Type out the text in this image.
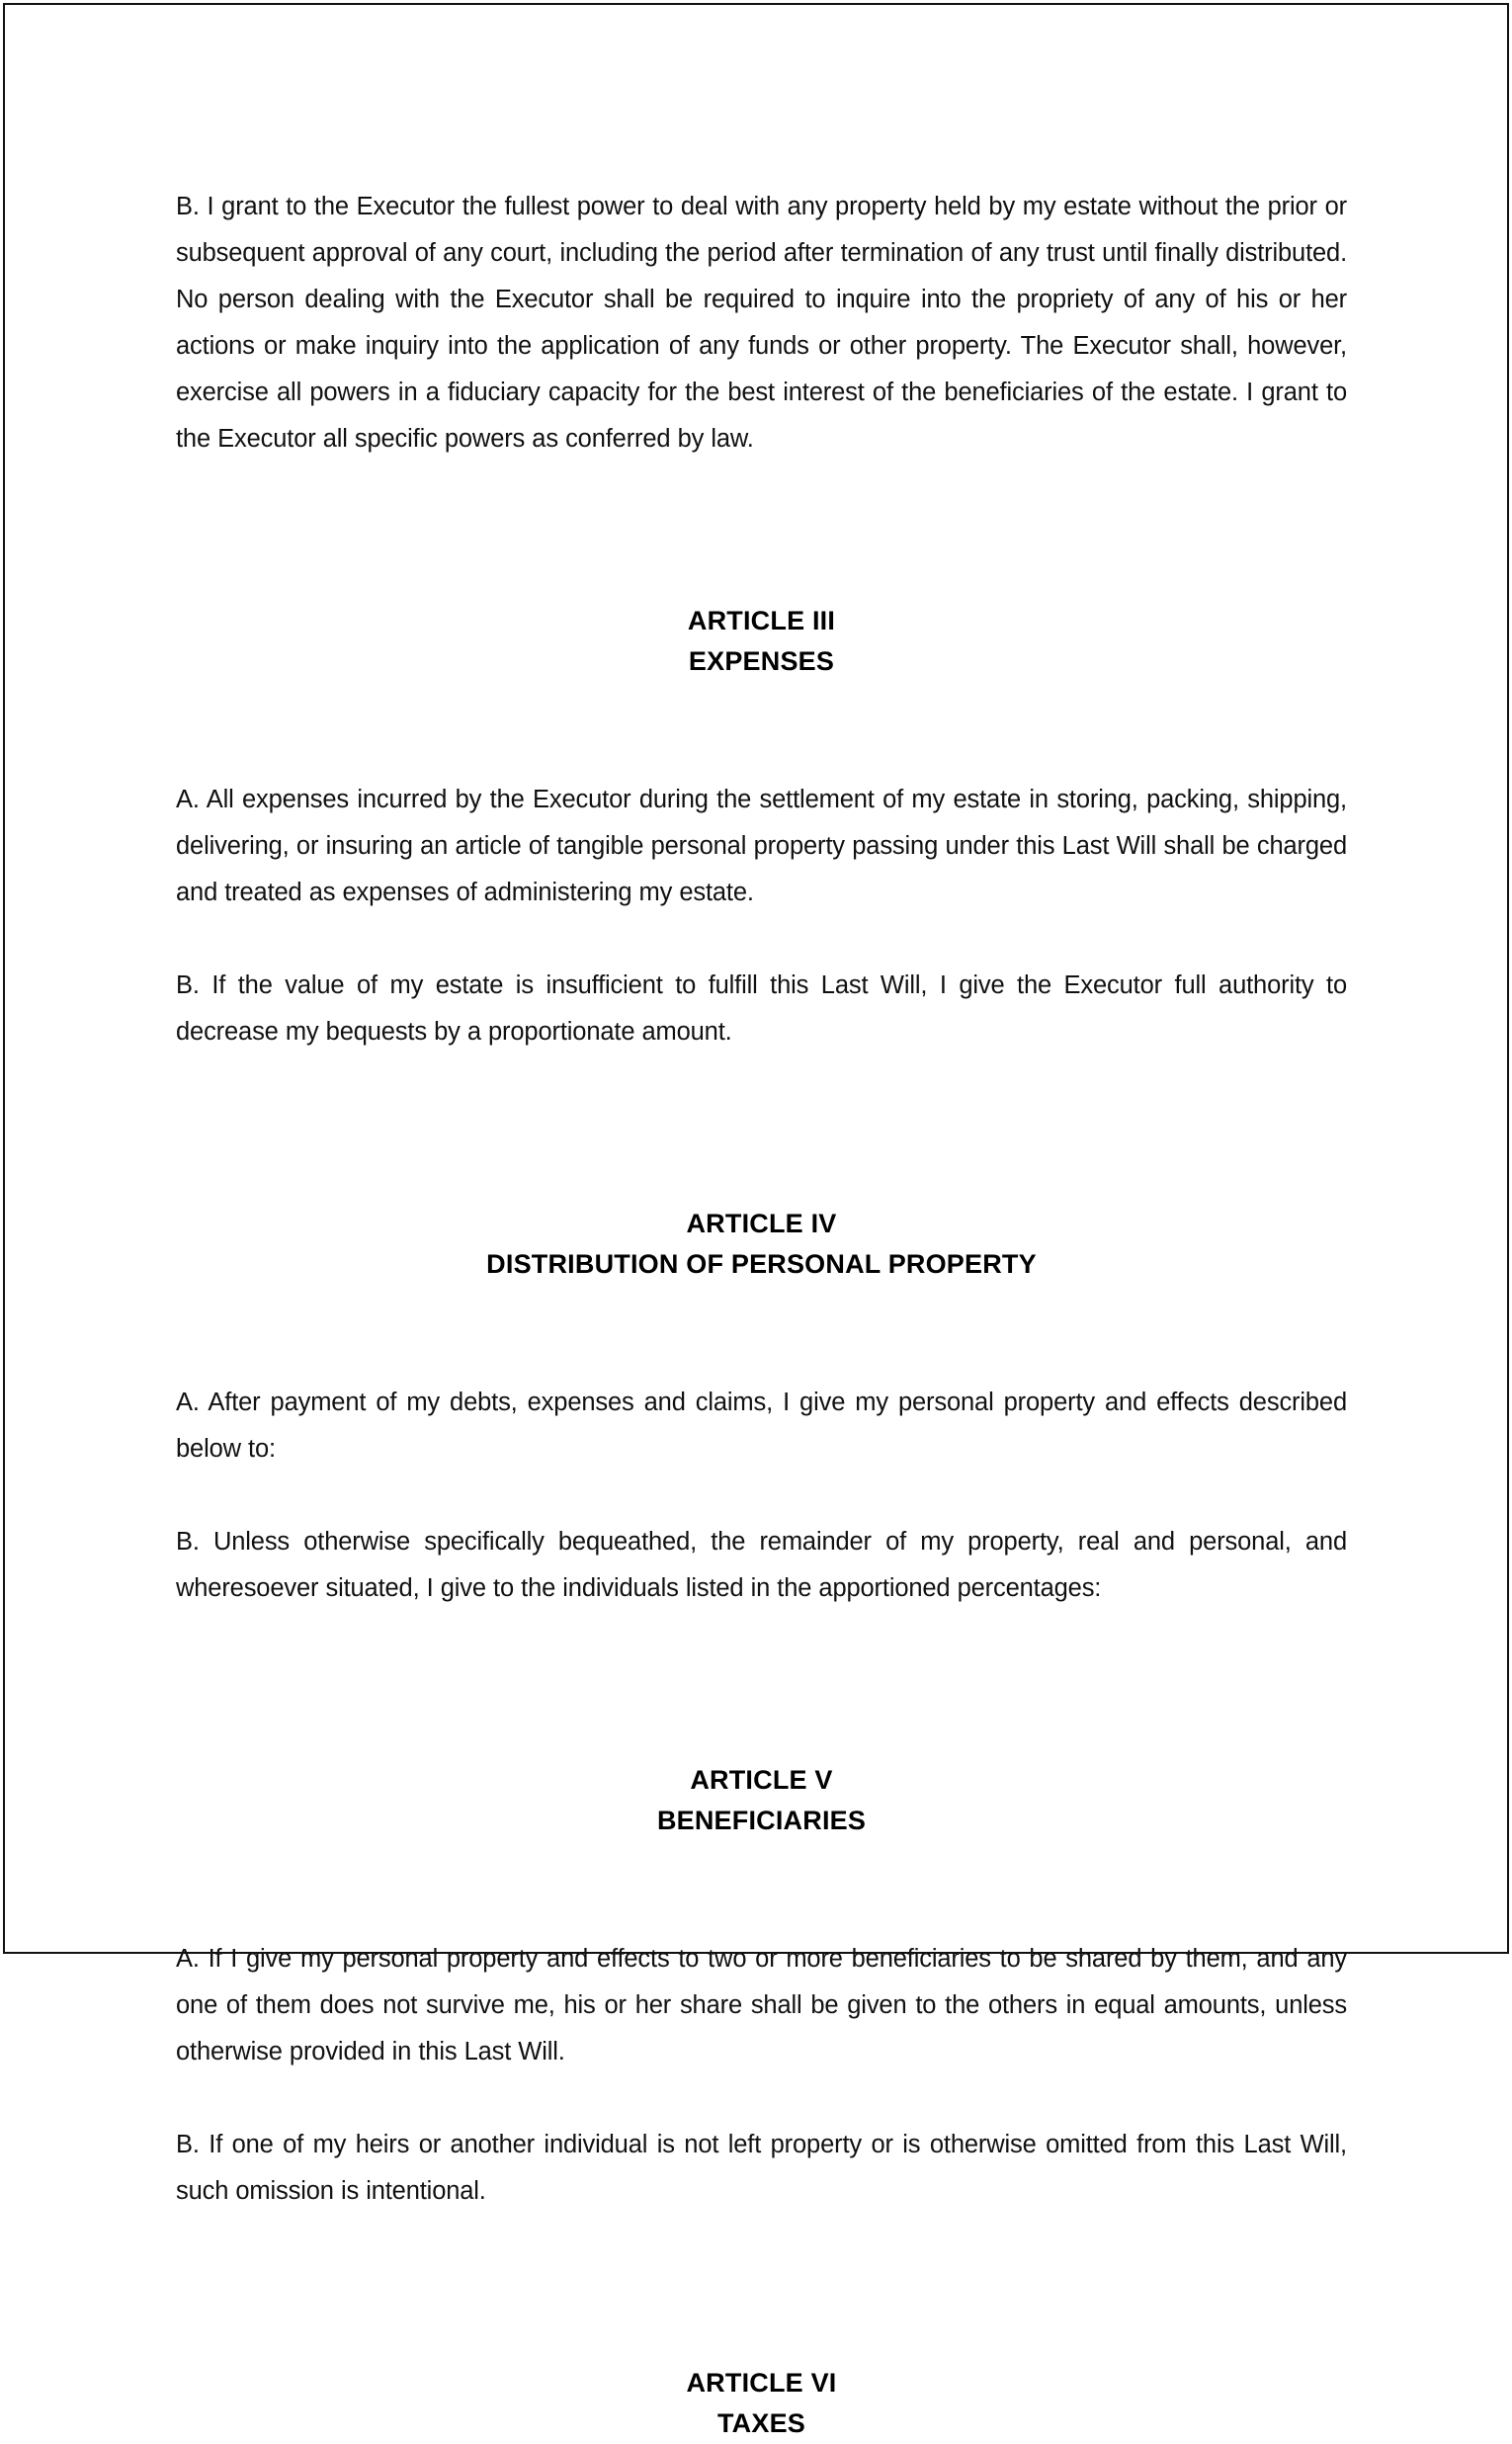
B. I grant to the Executor the fullest power to deal with any property held by my estate without the prior or subsequent approval of any court, including the period after termination of any trust until finally distributed. No person dealing with the Executor shall be required to inquire into the propriety of any of his or her actions or make inquiry into the application of any funds or other property. The Executor shall, however, exercise all powers in a fiduciary capacity for the best interest of the beneficiaries of the estate. I grant to the Executor all specific powers as conferred by law.

ARTICLE III
EXPENSES

A. All expenses incurred by the Executor during the settlement of my estate in storing, packing, shipping, delivering, or insuring an article of tangible personal property passing under this Last Will shall be charged and treated as expenses of administering my estate.

B. If the value of my estate is insufficient to fulfill this Last Will, I give the Executor full authority to decrease my bequests by a proportionate amount.

ARTICLE IV
DISTRIBUTION OF PERSONAL PROPERTY

A. After payment of my debts, expenses and claims, I give my personal property and effects described below to:

B. Unless otherwise specifically bequeathed, the remainder of my property, real and personal, and wheresoever situated, I give to the individuals listed in the apportioned percentages:

ARTICLE V
BENEFICIARIES

A. If I give my personal property and effects to two or more beneficiaries to be shared by them, and any one of them does not survive me, his or her share shall be given to the others in equal amounts, unless otherwise provided in this Last Will.

B. If one of my heirs or another individual is not left property or is otherwise omitted from this Last Will, such omission is intentional.

ARTICLE VI
TAXES
